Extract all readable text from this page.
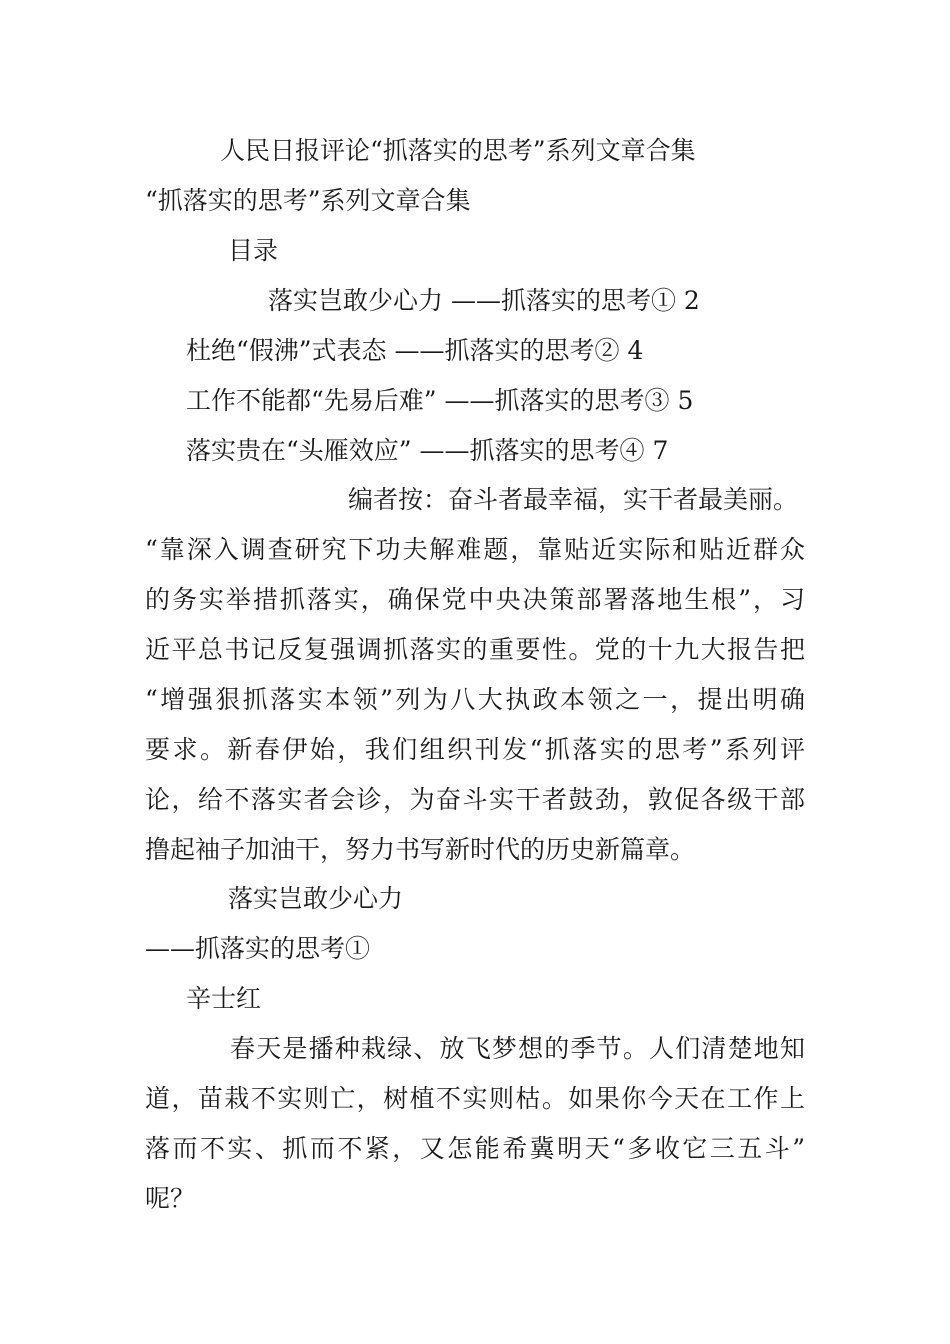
人民日报评论“抓落实的思考”系列文章合集
“抓落实的思考”系列文章合集
目录
落实岂敢少心力 ——抓落实的思考① 2
杜绝“假沸”式表态 ——抓落实的思考② 4
工作不能都“先易后难” ——抓落实的思考③ 5
落实贵在“头雁效应” ——抓落实的思考④ 7
编者按：奋斗者最幸福，实干者最美丽。
“靠深入调查研究下功夫解难题，靠贴近实际和贴近群众
的务实举措抓落实，确保党中央决策部署落地生根”，习
近平总书记反复强调抓落实的重要性。党的十九大报告把
“增强狠抓落实本领”列为八大执政本领之一，提出明确
要求。新春伊始，我们组织刊发“抓落实的思考”系列评
论，给不落实者会诊，为奋斗实干者鼓劲，敦促各级干部
撸起袖子加油干，努力书写新时代的历史新篇章。
落实岂敢少心力
——抓落实的思考①
辛士红
春天是播种栽绿、放飞梦想的季节。人们清楚地知
道，苗栽不实则亡，树植不实则枯。如果你今天在工作上
落而不实、抓而不紧，又怎能希冀明天“多收它三五斗”
呢？
